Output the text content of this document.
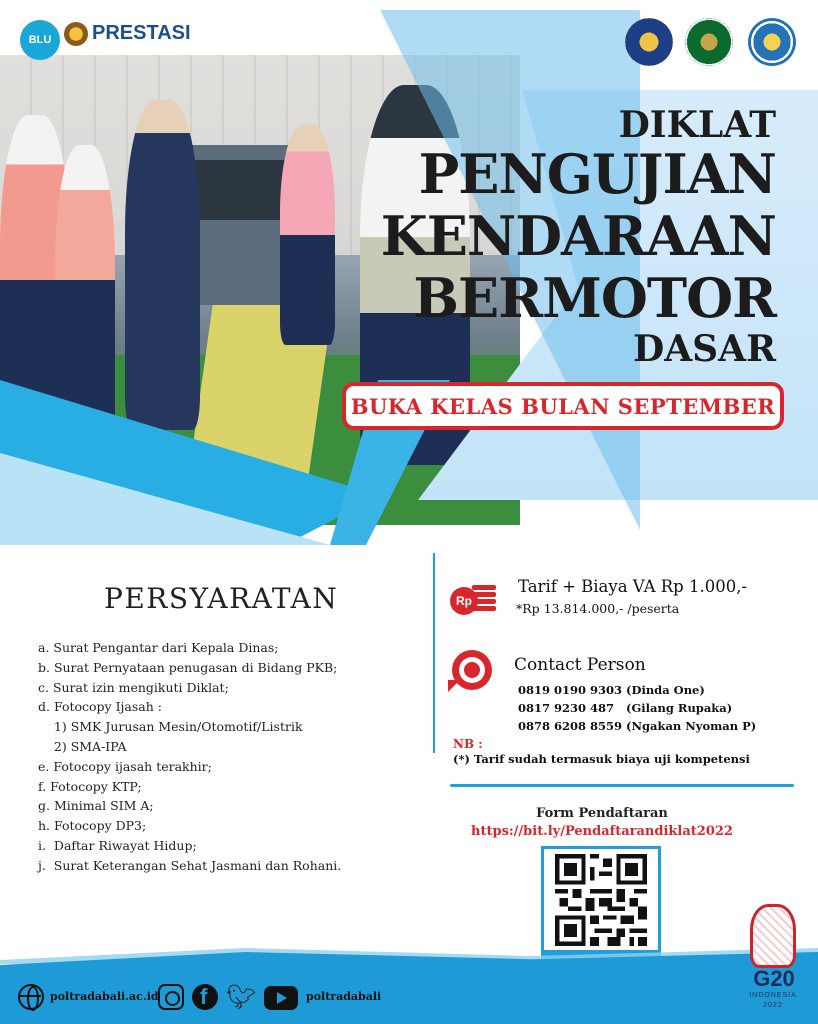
BLU PRESTASI
DIKLAT
PENGUJIAN
KENDARAAN
BERMOTOR
DASAR
BUKA KELAS BULAN SEPTEMBER
PERSYARATAN
a. Surat Pengantar dari Kepala Dinas;
b. Surat Pernyataan penugasan di Bidang PKB;
c. Surat izin mengikuti Diklat;
d. Fotocopy Ijasah :
1) SMK Jurusan Mesin/Otomotif/Listrik
2) SMA-IPA
e. Fotocopy ijasah terakhir;
f. Fotocopy KTP;
g. Minimal SIM A;
h. Fotocopy DP3;
i.  Daftar Riwayat Hidup;
j.  Surat Keterangan Sehat Jasmani dan Rohani.
Rp
Tarif + Biaya VA Rp 1.000,-
*Rp 13.814.000,- /peserta
Contact Person
0819 0190 9303 (Dinda One)
0817 9230 487   (Gilang Rupaka)
0878 6208 8559 (Ngakan Nyoman P)
NB :
(*) Tarif sudah termasuk biaya uji kompetensi
Form Pendaftaran
https://bit.ly/Pendaftarandiklat2022
poltradabali.ac.id
f	🐦︎	poltradabali
G20
INDONESIA
2022
